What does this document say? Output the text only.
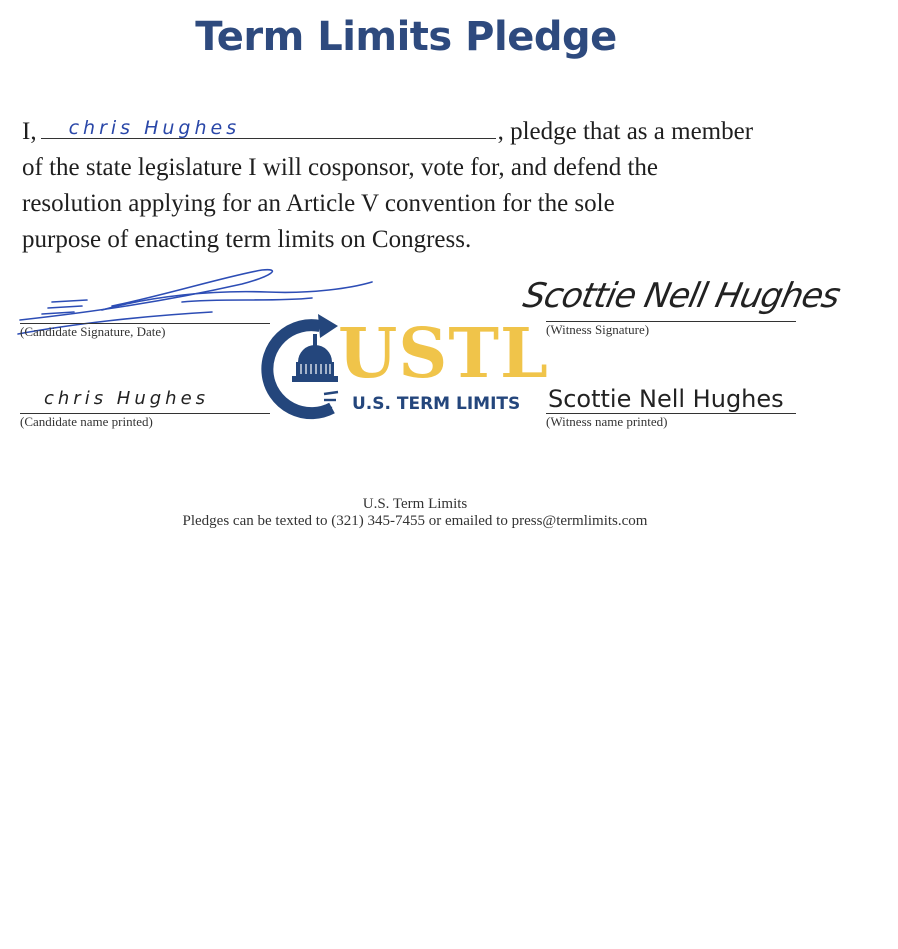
Term Limits Pledge
I, chris Hughes	, pledge that as a member
of the state legislature I will cosponsor, vote for, and defend the
resolution applying for an Article V convention for the sole
purpose of enacting term limits on Congress.
(Candidate Signature, Date)	USTL
U.S. TERM LIMITS
Scottie Nell Hughes
(Witness Signature)
chris Hughes
(Candidate name printed)
Scottie Nell Hughes
(Witness name printed)
U.S. Term Limits
Pledges can be texted to (321) 345-7455 or emailed to press@termlimits.com
